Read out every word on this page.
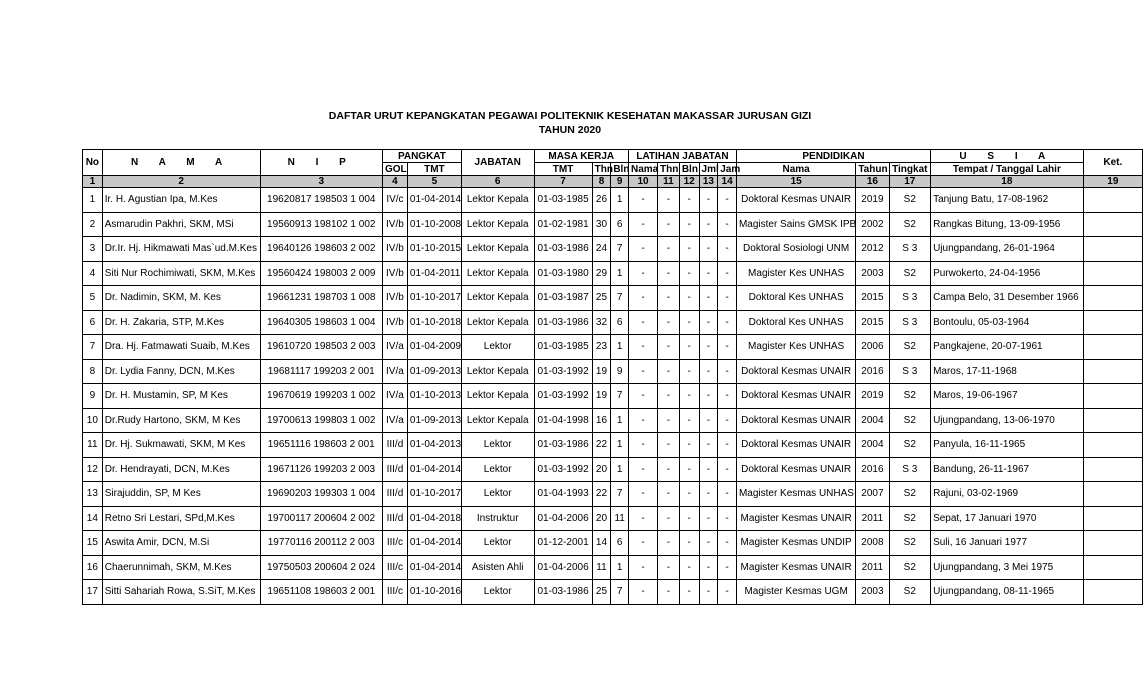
DAFTAR URUT KEPANGKATAN PEGAWAI POLITEKNIK KESEHATAN MAKASSAR JURUSAN GIZI
TAHUN 2020
No	N A M A	N I P	PANGKAT		JABATAN	MASA KERJA			LATIHAN JABATAN					PENDIDIKAN			U S I A	Ket.
			GOL	TMT		TMT	Thn	Bln	Nama	Thn	Bln	Jml	Jam	Nama	Tahun	Tingkat	Tempat / Tanggal Lahir	
1	2	3	4	5	6	7	8	9	10	11	12	13	14	15	16	17	18	19
1	Ir. H. Agustian Ipa, M.Kes	19620817 198503 1 004	IV/c	01-04-2014	Lektor Kepala	01-03-1985	26	1	-	-	-	-	-	Doktoral Kesmas UNAIR	2019	S2	Tanjung Batu, 17-08-1962	
2	Asmarudin Pakhri, SKM, MSi	19560913 198102 1 002	IV/b	01-10-2008	Lektor Kepala	01-02-1981	30	6	-	-	-	-	-	Magister Sains GMSK IPB	2002	S2	Rangkas Bitung, 13-09-1956	
3	Dr.Ir. Hj. Hikmawati Mas`ud.M.Kes	19640126 198603 2 002	IV/b	01-10-2015	Lektor Kepala	01-03-1986	24	7	-	-	-	-	-	Doktoral Sosiologi UNM	2012	S 3	Ujungpandang, 26-01-1964	
4	Siti Nur Rochimiwati, SKM, M.Kes	19560424 198003 2 009	IV/b	01-04-2011	Lektor Kepala	01-03-1980	29	1	-	-	-	-	-	Magister Kes UNHAS	2003	S2	Purwokerto, 24-04-1956	
5	Dr. Nadimin, SKM, M. Kes	19661231 198703 1 008	IV/b	01-10-2017	Lektor Kepala	01-03-1987	25	7	-	-	-	-	-	Doktoral Kes UNHAS	2015	S 3	Campa Belo, 31 Desember 1966	
6	Dr. H. Zakaria, STP, M.Kes	19640305 198603 1 004	IV/b	01-10-2018	Lektor Kepala	01-03-1986	32	6	-	-	-	-	-	Doktoral Kes UNHAS	2015	S 3	Bontoulu, 05-03-1964	
7	Dra. Hj. Fatmawati Suaib, M.Kes	19610720 198503 2 003	IV/a	01-04-2009	Lektor	01-03-1985	23	1	-	-	-	-	-	Magister Kes UNHAS	2006	S2	Pangkajene, 20-07-1961	
8	Dr. Lydia Fanny, DCN, M.Kes	19681117 199203 2 001	IV/a	01-09-2013	Lektor Kepala	01-03-1992	19	9	-	-	-	-	-	Doktoral Kesmas UNAIR	2016	S 3	Maros, 17-11-1968	
9	Dr. H. Mustamin, SP, M Kes	19670619 199203 1 002	IV/a	01-10-2013	Lektor Kepala	01-03-1992	19	7	-	-	-	-	-	Doktoral Kesmas UNAIR	2019	S2	Maros, 19-06-1967	
10	Dr.Rudy Hartono, SKM, M Kes	19700613 199803 1 002	IV/a	01-09-2013	Lektor Kepala	01-04-1998	16	1	-	-	-	-	-	Doktoral Kesmas UNAIR	2004	S2	Ujungpandang, 13-06-1970	
11	Dr. Hj. Sukmawati, SKM, M Kes	19651116 198603 2 001	III/d	01-04-2013	Lektor	01-03-1986	22	1	-	-	-	-	-	Doktoral Kesmas UNAIR	2004	S2	Panyula, 16-11-1965	
12	Dr. Hendrayati, DCN, M.Kes	19671126 199203 2 003	III/d	01-04-2014	Lektor	01-03-1992	20	1	-	-	-	-	-	Doktoral Kesmas UNAIR	2016	S 3	Bandung, 26-11-1967	
13	Sirajuddin, SP, M Kes	19690203 199303 1 004	III/d	01-10-2017	Lektor	01-04-1993	22	7	-	-	-	-	-	Magister Kesmas UNHAS	2007	S2	Rajuni, 03-02-1969	
14	Retno Sri Lestari, SPd,M.Kes	19700117 200604 2 002	III/d	01-04-2018	Instruktur	01-04-2006	20	11	-	-	-	-	-	Magister Kesmas UNAIR	2011	S2	Sepat, 17 Januari 1970	
15	Aswita Amir, DCN, M.Si	19770116 200112 2 003	III/c	01-04-2014	Lektor	01-12-2001	14	6	-	-	-	-	-	Magister Kesmas UNDIP	2008	S2	Suli, 16 Januari 1977	
16	Chaerunnimah, SKM, M.Kes	19750503 200604 2 024	III/c	01-04-2014	Asisten Ahli	01-04-2006	11	1	-	-	-	-	-	Magister Kesmas UNAIR	2011	S2	Ujungpandang, 3 Mei 1975	
17	Sitti Sahariah Rowa, S.SiT, M.Kes	19651108 198603 2 001	III/c	01-10-2016	Lektor	01-03-1986	25	7	-	-	-	-	-	Magister Kesmas UGM	2003	S2	Ujungpandang, 08-11-1965	
